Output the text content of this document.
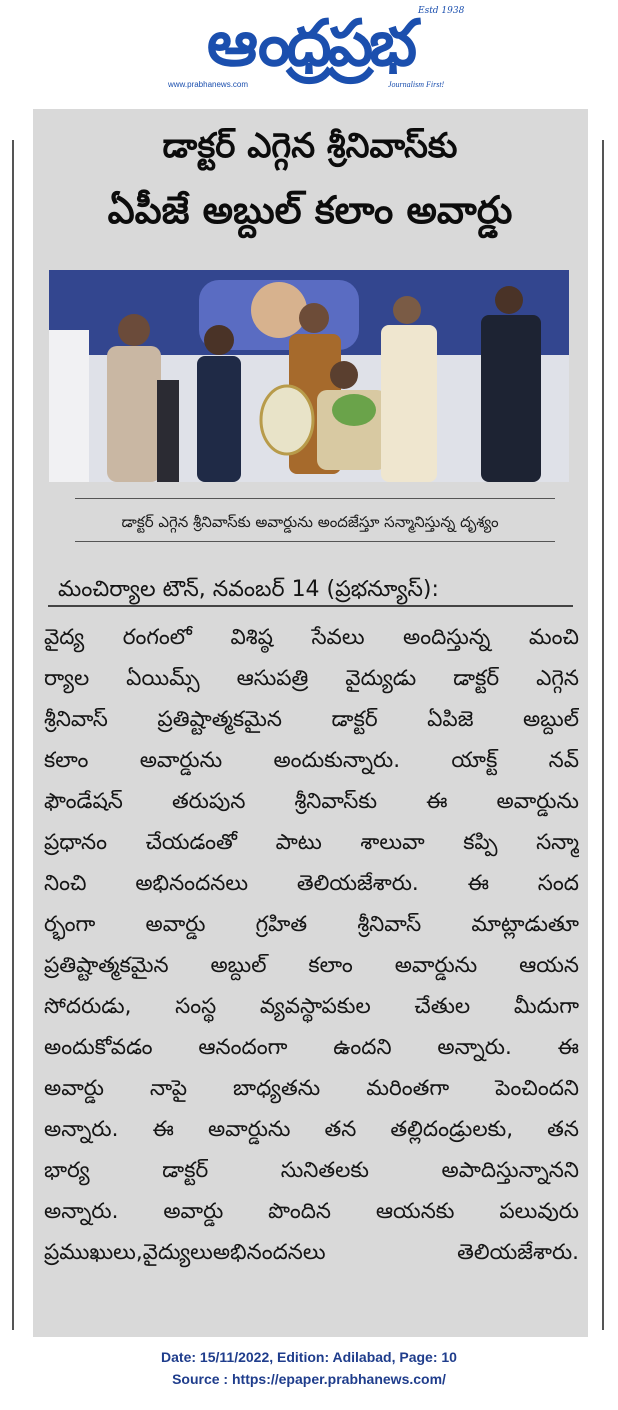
ఆంధ్రప్రభ Estd 1938
www.prabhanews.com	Journalism First!
డాక్టర్ ఎగ్గెన శ్రీనివాస్‌కు
ఏపీజే అబ్దుల్ కలాం అవార్డు
డాక్టర్ ఎగ్గెన శ్రీనివాస్‌కు అవార్డును అందజేస్తూ సన్మానిస్తున్న దృశ్యం
మంచిర్యాల టౌన్, నవంబర్ 14 (ప్రభన్యూస్):
వైద్య రంగంలో విశిష్ఠ సేవలు అందిస్తున్న మంచి
ర్యాల ఏయిమ్స్ ఆసుపత్రి వైద్యుడు డాక్టర్ ఎగ్గెన
శ్రీనివాస్ ప్రతిష్టాత్మకమైన డాక్టర్ ఏపిజె అబ్దుల్
కలాం అవార్డును అందుకున్నారు. యాక్ట్ నవ్
ఫౌండేషన్ తరుపున శ్రీనివాస్‌కు ఈ అవార్డును
ప్రధానం చేయడంతో పాటు శాలువా కప్పి సన్మా
నించి అభినందనలు తెలియజేశారు. ఈ సంద
ర్భంగా అవార్డు గ్రహిత శ్రీనివాస్ మాట్లాడుతూ
ప్రతిష్టాత్మకమైన అబ్దుల్ కలాం అవార్డును ఆయన
సోదరుడు, సంస్థ వ్యవస్థాపకుల చేతుల మీదుగా
అందుకోవడం ఆనందంగా ఉందని అన్నారు. ఈ
అవార్డు నాపై బాధ్యతను మరింతగా పెంచిందని
అన్నారు. ఈ అవార్డును తన తల్లిదండ్రులకు, తన
భార్య డాక్టర్ సునితలకు అపాదిస్తున్నానని
అన్నారు. అవార్డు పొందిన ఆయనకు పలువురు
ప్రముఖులు,వైద్యులుఅభినందనలు తెలియజేశారు.
Date: 15/11/2022, Edition: Adilabad, Page: 10
Source : https://epaper.prabhanews.com/
